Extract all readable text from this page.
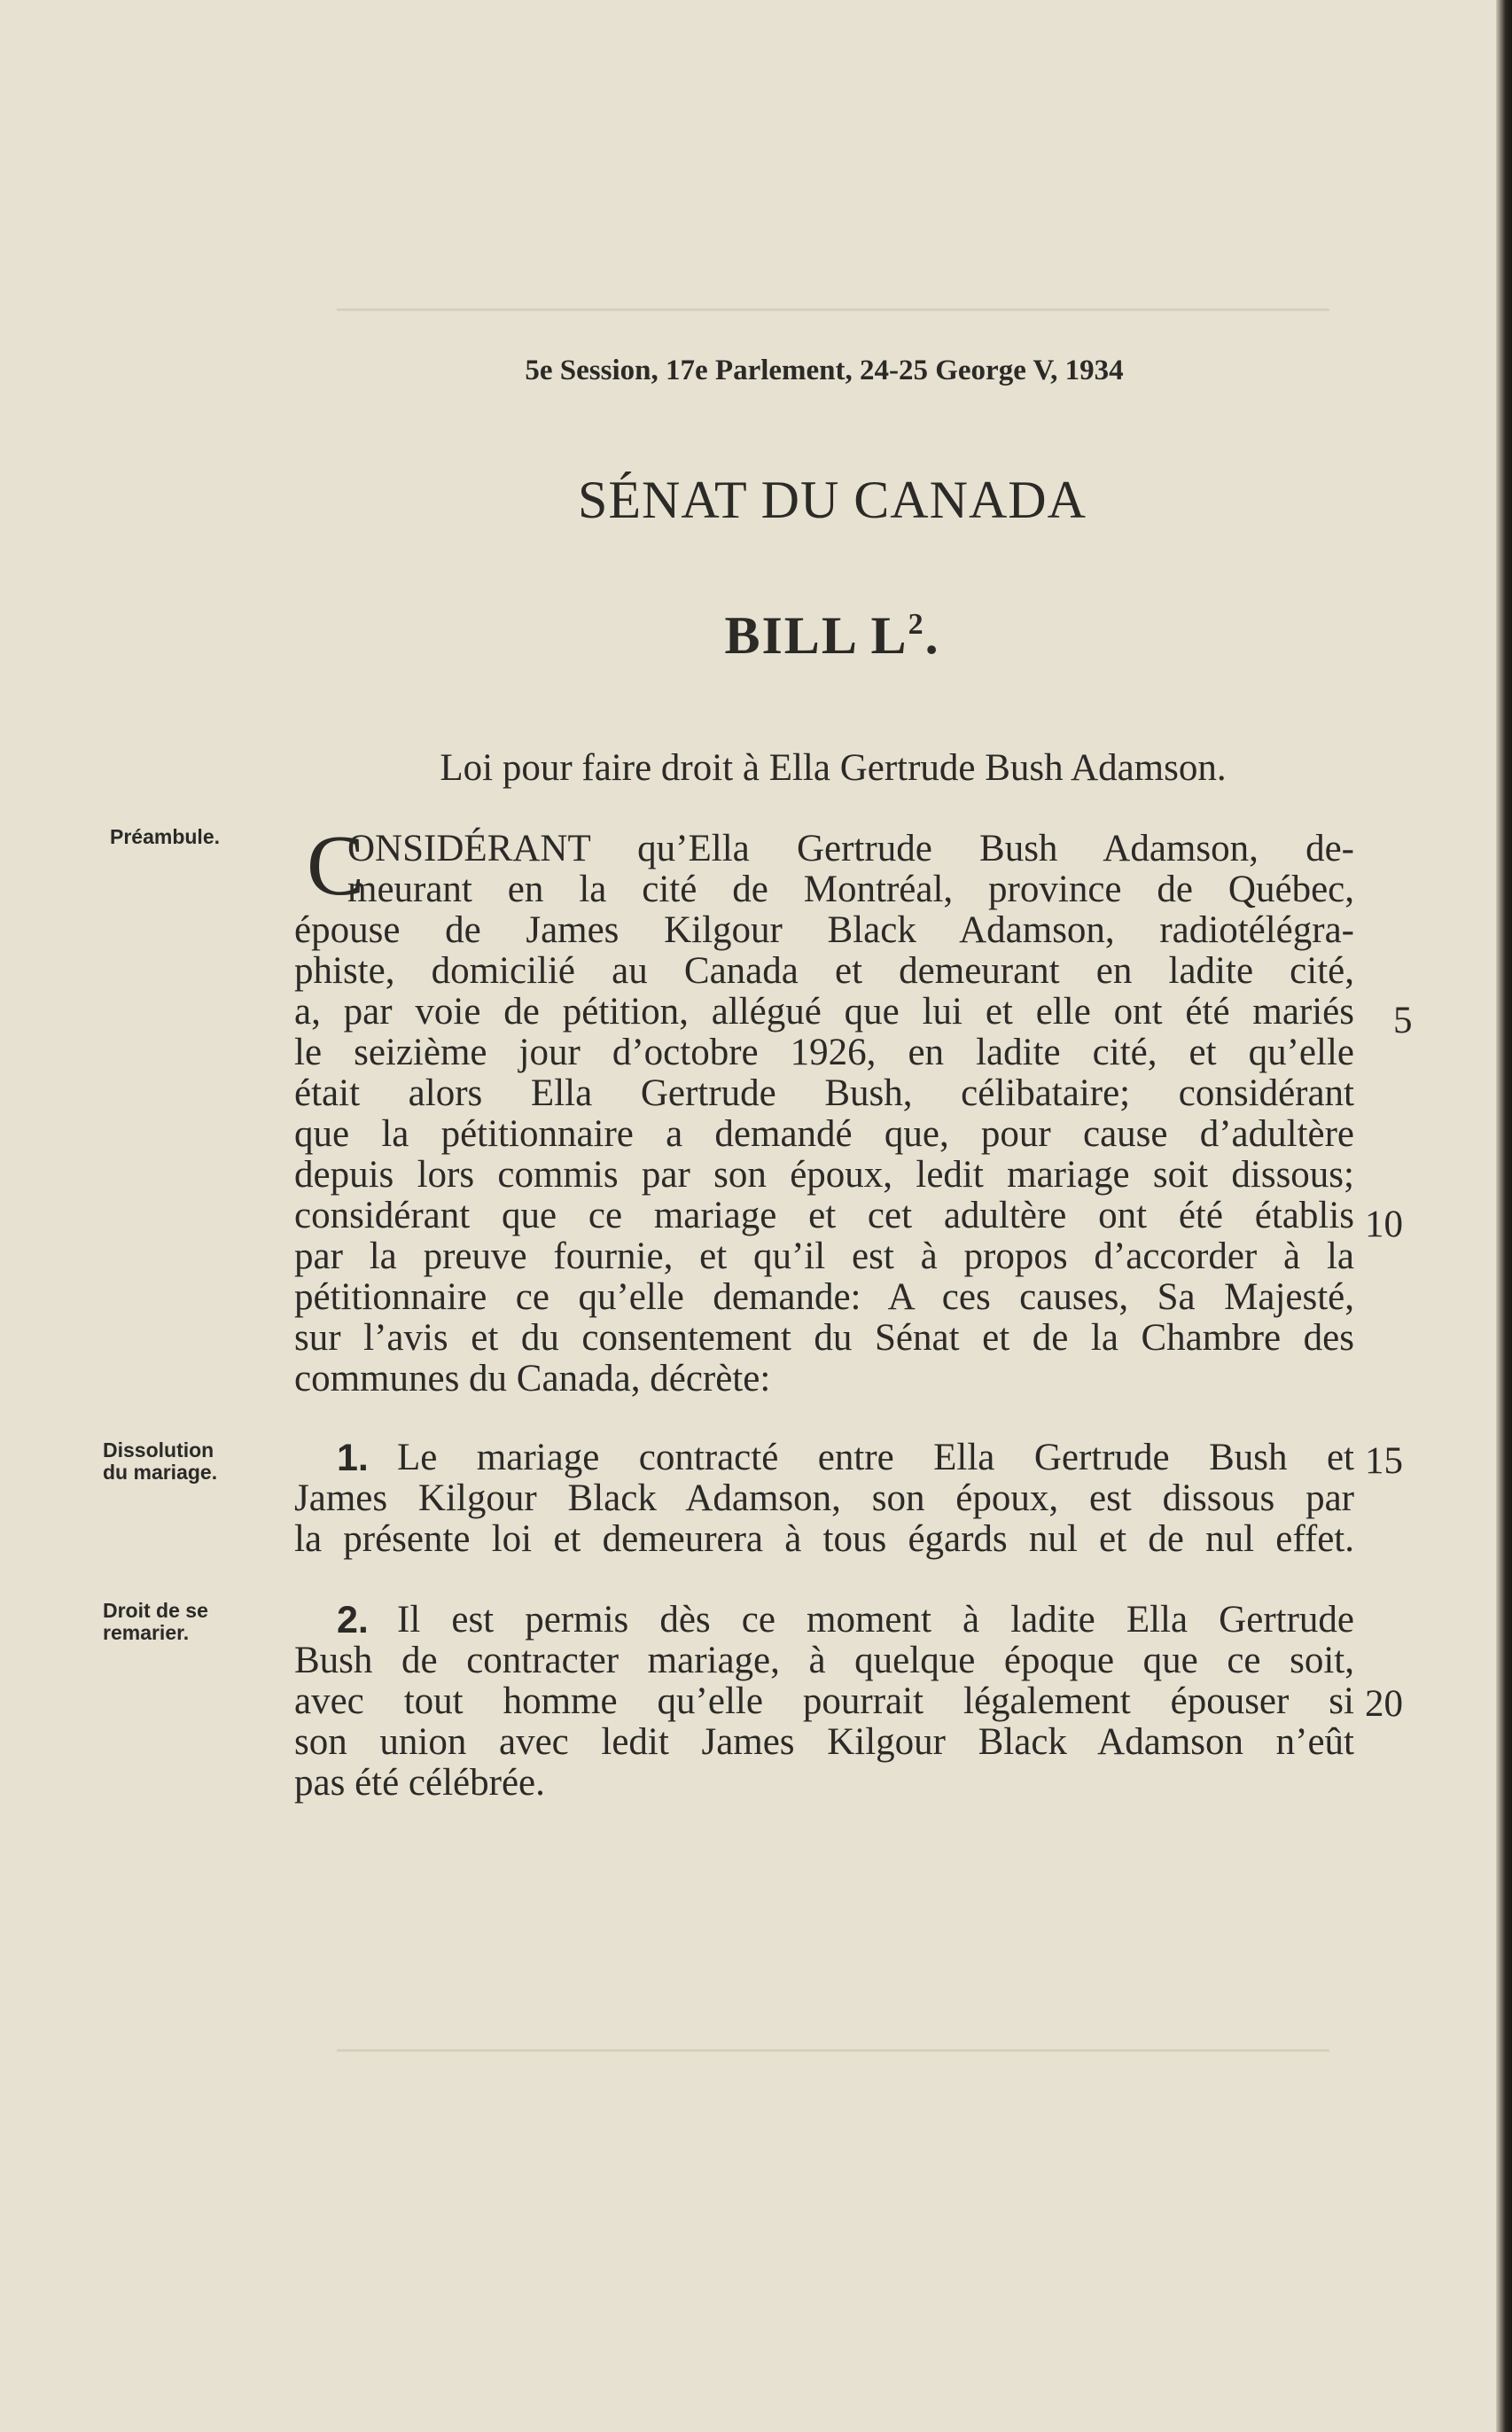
5e Session, 17e Parlement, 24-25 George V, 1934
SÉNAT DU CANADA
BILL $L^2$.
Loi pour faire droit à Ella Gertrude Bush Adamson.
Préambule.
Dissolution
du mariage.
Droit de se
remarier.
C
ONSIDÉRANT qu’Ella Gertrude Bush Adamson, de-
meurant en la cité de Montréal, province de Québec,
épouse de James Kilgour Black Adamson, radiotélégra-
phiste, domicilié au Canada et demeurant en ladite cité,
a, par voie de pétition, allégué que lui et elle ont été mariés
le seizième jour d’octobre 1926, en ladite cité, et qu’elle
était alors Ella Gertrude Bush, célibataire; considérant
que la pétitionnaire a demandé que, pour cause d’adultère
depuis lors commis par son époux, ledit mariage soit dissous;
considérant que ce mariage et cet adultère ont été établis
par la preuve fournie, et qu’il est à propos d’accorder à la
pétitionnaire ce qu’elle demande: A ces causes, Sa Majesté,
sur l’avis et du consentement du Sénat et de la Chambre des
communes du Canada, décrète:
1. Le mariage contracté entre Ella Gertrude Bush et
James Kilgour Black Adamson, son époux, est dissous par
la présente loi et demeurera à tous égards nul et de nul effet.
2. Il est permis dès ce moment à ladite Ella Gertrude
Bush de contracter mariage, à quelque époque que ce soit,
avec tout homme qu’elle pourrait légalement épouser si
son union avec ledit James Kilgour Black Adamson n’eût
pas été célébrée.
5
10
15
20
